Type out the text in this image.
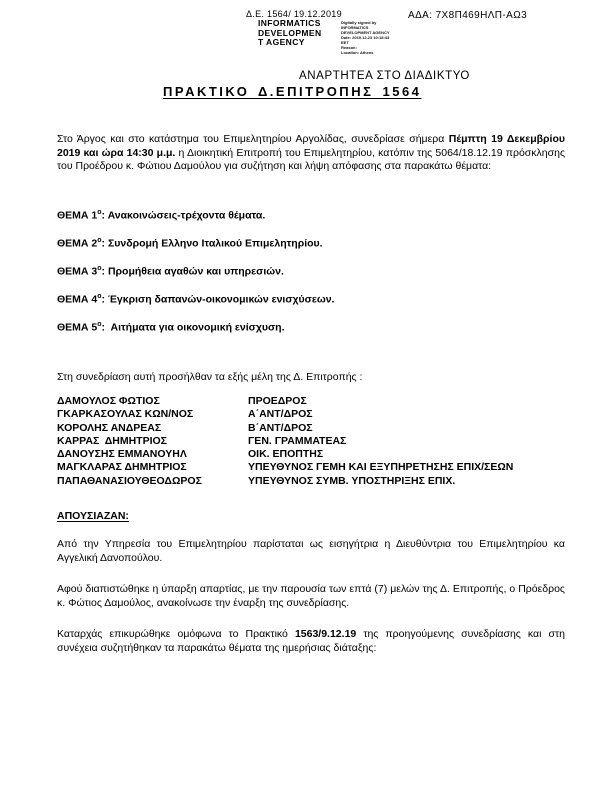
Δ.Ε. 1564/ 19.12.2019
INFORMATICS
DEVELOPMEN
T AGENCY
Digitally signed by
INFORMATICS
DEVELOPMENT AGENCY
Date: 2019.12.23 10:18:43
EET
Reason:
Location: Athens
ΑΔΑ: 7Χ8Π469ΗΛΠ-ΑΩ3
ΑΝΑΡΤΗΤΕΑ ΣΤΟ ΔΙΑΔΙΚΤΥΟ
ΠΡΑΚΤΙΚΟ Δ.ΕΠΙΤΡΟΠΗΣ 1564
Στο Άργος και στο κατάστημα του Επιμελητηρίου Αργολίδας, συνεδρίασε σήμερα Πέμπτη 19 Δεκεμβρίου 2019 και ώρα 14:30 μ.μ. η Διοικητική Επιτροπή του Επιμελητηρίου, κατόπιν της 5064/18.12.19 πρόσκλησης του Προέδρου κ. Φώτιου Δαμούλου για συζήτηση και λήψη απόφασης στα παρακάτω θέματα:
ΘΕΜΑ $1^o$: Ανακοινώσεις-τρέχοντα θέματα.
ΘΕΜΑ $2^o$: Συνδρομή Ελληνο Ιταλικού Επιμελητηρίου.
ΘΕΜΑ $3^o$: Προμήθεια αγαθών και υπηρεσιών.
ΘΕΜΑ $4^o$: Έγκριση δαπανών-οικονομικών ενισχύσεων.
ΘΕΜΑ $5^o$:  Αιτήματα για οικονομική ενίσχυση.
Στη συνεδρίαση αυτή προσήλθαν τα εξής μέλη της Δ. Επιτροπής :
ΔΑΜΟΥΛΟΣ ΦΩΤΙΟΣ	ΠΡΟΕΔΡΟΣ
ΓΚΑΡΚΑΣΟΥΛΑΣ ΚΩΝ/ΝΟΣ	Α΄ΑΝΤ/ΔΡΟΣ
ΚΟΡΟΛΗΣ ΑΝΔΡΕΑΣ	Β΄ΑΝΤ/ΔΡΟΣ
ΚΑΡΡΑΣ  ΔΗΜΗΤΡΙΟΣ	ΓΕΝ. ΓΡΑΜΜΑΤΕΑΣ
ΔΑΝΟΥΣΗΣ ΕΜΜΑΝΟΥΗΛ	ΟΙΚ. ΕΠΟΠΤΗΣ
ΜΑΓΚΛΑΡΑΣ ΔΗΜΗΤΡΙΟΣ	ΥΠΕΥΘΥΝΟΣ ΓΕΜΗ ΚΑΙ ΕΞΥΠΗΡΕΤΗΣΗΣ ΕΠΙΧ/ΣΕΩΝ
ΠΑΠΑΘΑΝΑΣΙΟΥΘΕΟΔΩΡΟΣ	ΥΠΕΥΘΥΝΟΣ ΣΥΜΒ. ΥΠΟΣΤΗΡΙΞΗΣ ΕΠΙΧ.
ΑΠΟΥΣΙΑΖΑΝ:
Από την Υπηρεσία του Επιμελητηρίου παρίσταται ως εισηγήτρια η Διευθύντρια του Επιμελητηρίου κα Αγγελική Δανοπούλου.
Αφού διαπιστώθηκε η ύπαρξη απαρτίας, με την παρουσία των επτά (7) μελών της Δ. Επιτροπής, ο Πρόεδρος κ. Φώτιος Δαμούλος, ανακοίνωσε την έναρξη της συνεδρίασης.
Καταρχάς επικυρώθηκε ομόφωνα το Πρακτικό 1563/9.12.19 της προηγούμενης συνεδρίασης και στη συνέχεια συζητήθηκαν τα παρακάτω θέματα της ημερήσιας διάταξης:
